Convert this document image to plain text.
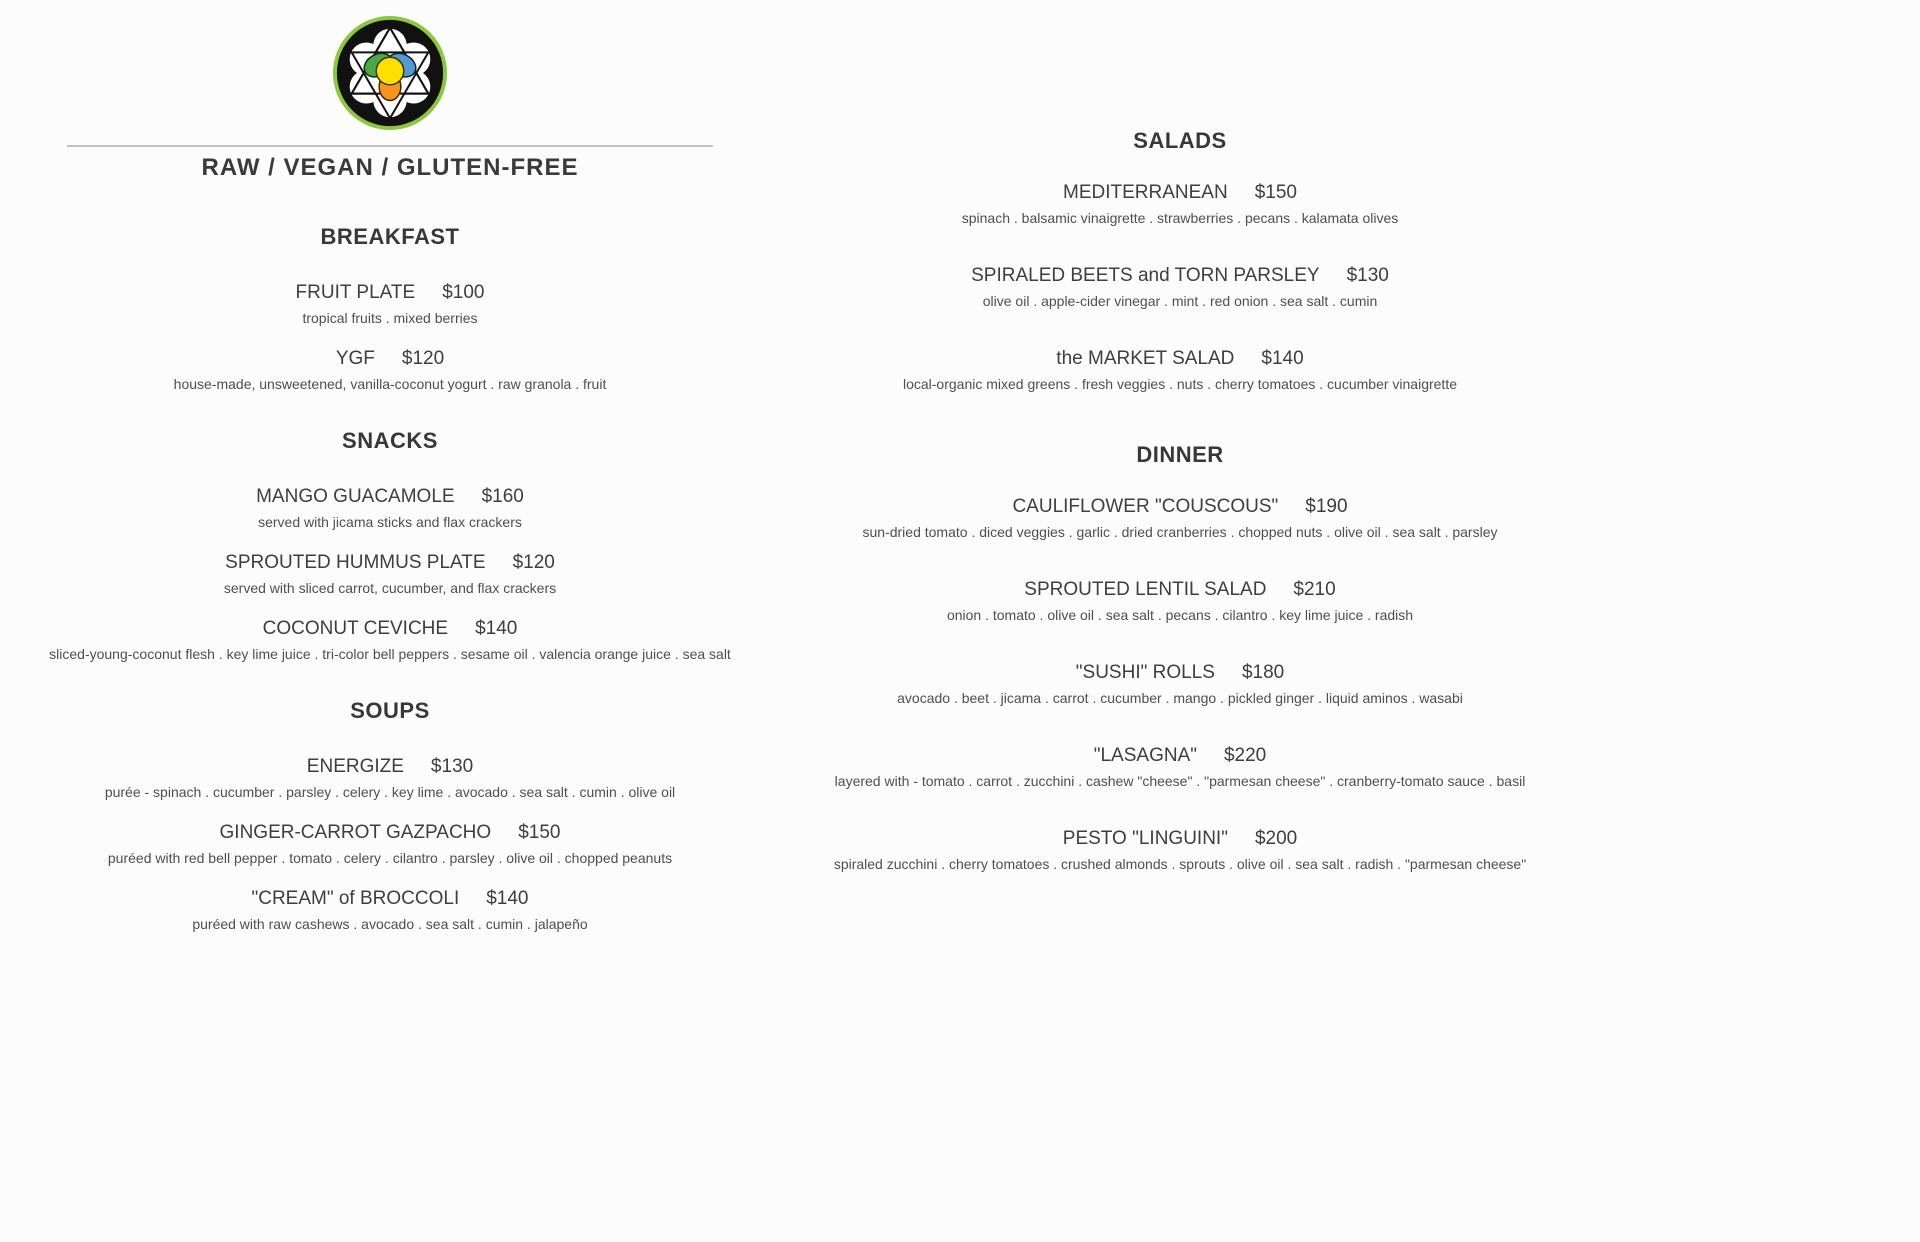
RAW / VEGAN / GLUTEN-FREE
BREAKFAST
FRUIT PLATE $100
tropical fruits . mixed berries
YGF $120
house-made, unsweetened, vanilla-coconut yogurt . raw granola . fruit
SNACKS
MANGO GUACAMOLE $160
served with jicama sticks and flax crackers
SPROUTED HUMMUS PLATE $120
served with sliced carrot, cucumber, and flax crackers
COCONUT CEVICHE $140
sliced-young-coconut flesh . key lime juice . tri-color bell peppers . sesame oil . valencia orange juice . sea salt
SOUPS
ENERGIZE $130
purée - spinach . cucumber . parsley . celery . key lime . avocado . sea salt . cumin . olive oil
GINGER-CARROT GAZPACHO $150
puréed with red bell pepper . tomato . celery . cilantro . parsley . olive oil . chopped peanuts
"CREAM" of BROCCOLI $140
puréed with raw cashews . avocado . sea salt . cumin . jalapeño
SALADS
MEDITERRANEAN $150
spinach . balsamic vinaigrette . strawberries . pecans . kalamata olives
SPIRALED BEETS and TORN PARSLEY $130
olive oil . apple-cider vinegar . mint . red onion . sea salt . cumin
the MARKET SALAD $140
local-organic mixed greens . fresh veggies . nuts . cherry tomatoes . cucumber vinaigrette
DINNER
CAULIFLOWER "COUSCOUS" $190
sun-dried tomato . diced veggies . garlic . dried cranberries . chopped nuts . olive oil . sea salt . parsley
SPROUTED LENTIL SALAD $210
onion . tomato . olive oil . sea salt . pecans . cilantro . key lime juice . radish
"SUSHI" ROLLS $180
avocado . beet . jicama . carrot . cucumber . mango . pickled ginger . liquid aminos . wasabi
"LASAGNA" $220
layered with - tomato . carrot . zucchini . cashew "cheese" . "parmesan cheese" . cranberry-tomato sauce . basil
PESTO "LINGUINI" $200
spiraled zucchini . cherry tomatoes . crushed almonds . sprouts . olive oil . sea salt . radish . "parmesan cheese"
